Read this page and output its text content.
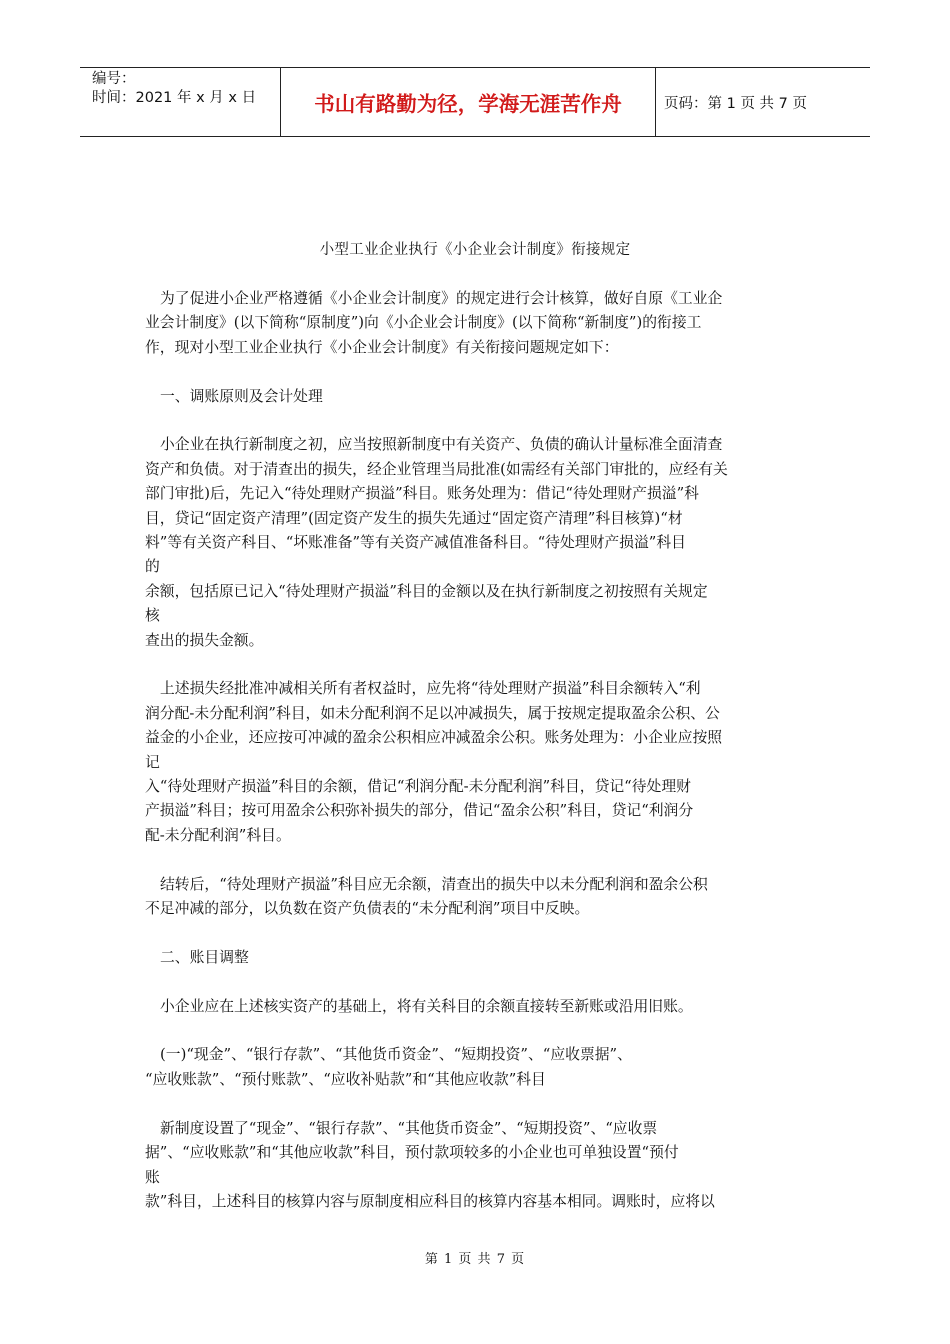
编号：
时间：2021 年 x 月 x 日	书山有路勤为径，学海无涯苦作舟	页码：第 1 页 共 7 页
小型工业企业执行《小企业会计制度》衔接规定

为了促进小企业严格遵循《小企业会计制度》的规定进行会计核算，做好自原《工业企
业会计制度》(以下简称“原制度”)向《小企业会计制度》(以下简称“新制度”)的衔接工
作，现对小型工业企业执行《小企业会计制度》有关衔接问题规定如下：

一、调账原则及会计处理

小企业在执行新制度之初，应当按照新制度中有关资产、负债的确认计量标准全面清查
资产和负债。对于清查出的损失，经企业管理当局批准(如需经有关部门审批的，应经有关
部门审批)后，先记入“待处理财产损溢”科目。账务处理为：借记“待处理财产损溢”科
目，贷记“固定资产清理”(固定资产发生的损失先通过“固定资产清理”科目核算)“材
料”等有关资产科目、“坏账准备”等有关资产减值准备科目。“待处理财产损溢”科目
的
余额，包括原已记入“待处理财产损溢”科目的金额以及在执行新制度之初按照有关规定
核
查出的损失金额。

上述损失经批准冲减相关所有者权益时，应先将“待处理财产损溢”科目余额转入“利
润分配-未分配利润”科目，如未分配利润不足以冲减损失，属于按规定提取盈余公积、公
益金的小企业，还应按可冲减的盈余公积相应冲减盈余公积。账务处理为：小企业应按照
记
入“待处理财产损溢”科目的余额，借记“利润分配-未分配利润”科目，贷记“待处理财
产损溢”科目；按可用盈余公积弥补损失的部分，借记“盈余公积”科目，贷记“利润分
配-未分配利润”科目。

结转后，“待处理财产损溢”科目应无余额，清查出的损失中以未分配利润和盈余公积
不足冲减的部分，以负数在资产负债表的“未分配利润”项目中反映。

二、账目调整

小企业应在上述核实资产的基础上，将有关科目的余额直接转至新账或沿用旧账。

(一)“现金”、“银行存款”、“其他货币资金”、“短期投资”、“应收票据”、
“应收账款”、“预付账款”、“应收补贴款”和“其他应收款”科目

新制度设置了“现金”、“银行存款”、“其他货币资金”、“短期投资”、“应收票
据”、“应收账款”和“其他应收款”科目，预付款项较多的小企业也可单独设置“预付
账
款”科目，上述科目的核算内容与原制度相应科目的核算内容基本相同。调账时，应将以

第 1 页 共 7 页
